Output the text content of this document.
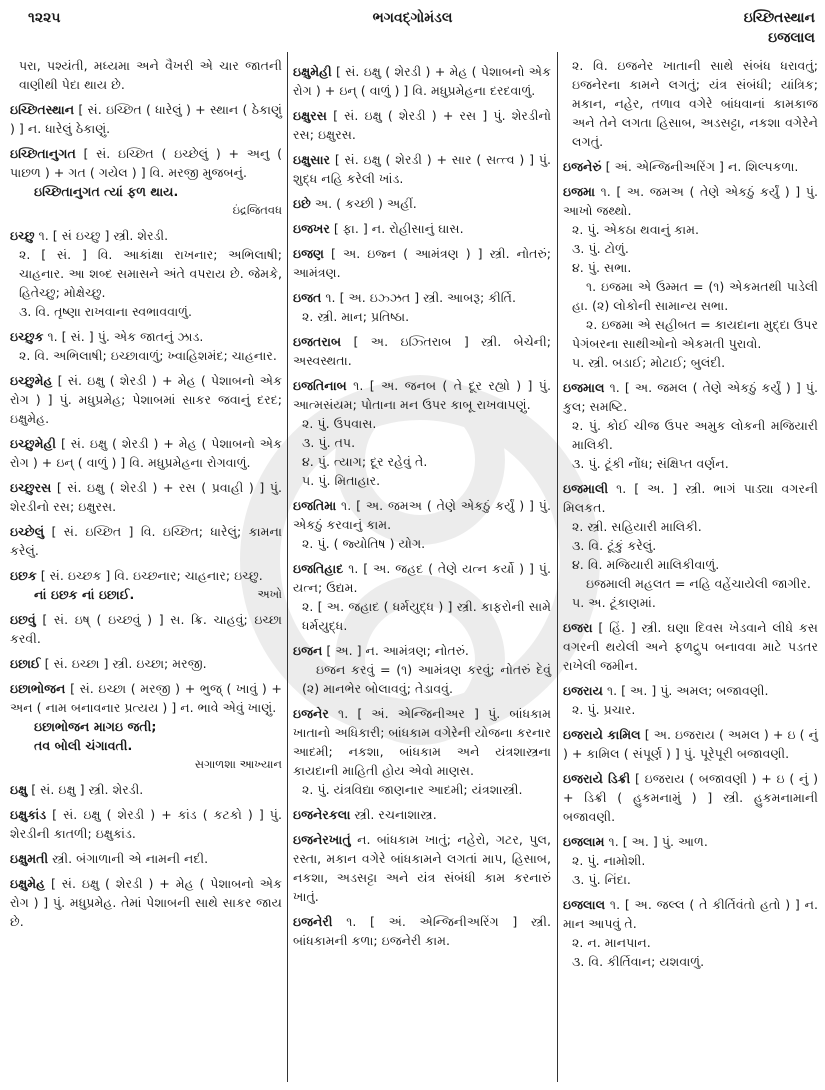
૧૨૨૫	ભગવદ્ગોમંડલ	ઇચ્છિતસ્થાન
ઇજલાલ
પરા, પશ્યંતી, મધ્યમા અને વૈખરી એ ચાર જાતની વાણીથી પેદા થાય છે.
ઇચ્છિતસ્થાન [ સં. ઇચ્છિત ( ધારેલું ) + સ્થાન ( ઠેકાણું ) ] ન. ધારેલું ઠેકાણું.
ઇચ્છિતાનુગત [ સં. ઇચ્છિત ( ઇચ્છેલું ) + અનુ ( પાછળ ) + ગત ( ગયેલ ) ] વિ. મરજી મુજબનું.
ઇચ્છિતાનુગત ત્યાં ફળ થાય.
ઇંદ્રજિતવધ
ઇચ્છુ ૧. [ સં ઇચ્છુ ] સ્ત્રી. શેરડી.
૨. [ સં. ] વિ. આકાંક્ષા રાખનાર; અભિલાષી; ચાહનાર. આ શબ્દ સમાસને અંતે વપરાય છે. જેમકે, હિતેચ્છુ; મોક્ષેચ્છુ.
૩. વિ. તૃષ્ણા રાખવાના સ્વભાવવાળું.
ઇચ્છુક ૧. [ સં. ] પું. એક જાતનું ઝાડ.
૨. વિ. અભિલાષી; ઇચ્છાવાળું; ખ્વાહિશમંદ; ચાહનાર.
ઇચ્છુમેહ [ સં. ઇક્ષુ ( શેરડી ) + મેહ ( પેશાબનો એક રોગ ) ] પું. મધુપ્રમેહ; પેશાબમાં સાકર જવાનું દરદ; ઇક્ષુમેહ.
ઇચ્છુમેહી [ સં. ઇક્ષુ ( શેરડી ) + મેહ ( પેશાબનો એક રોગ ) + ઇન્ ( વાળું ) ] વિ. મધુપ્રમેહના રોગવાળું.
ઇચ્છુરસ [ સં. ઇક્ષુ ( શેરડી ) + રસ ( પ્રવાહી ) ] પું. શેરડીનો રસ; ઇક્ષુરસ.
ઇચ્છેલું [ સં. ઇચ્છિત ] વિ. ઇચ્છિત; ધારેલું; કામના કરેલું.
ઇછક [ સં. ઇચ્છક ] વિ. ઇચ્છનાર; ચાહનાર; ઇચ્છુ.
અખો
નાં ઇછક નાં ઇછાઈ.
ઇછવું [ સં. ઇષ્ ( ઇચ્છવું ) ] સ. ક્રિ. ચાહવું; ઇચ્છા કરવી.
ઇછાઈ [ સં. ઇચ્છા ] સ્ત્રી. ઇચ્છા; મરજી.
ઇછાભોજન [ સં. ઇચ્છા ( મરજી ) + ભુજ્ ( ખાવું ) + અન ( નામ બનાવનાર પ્રત્યય ) ] ન. ભાવે એવું ખાણું.
ઇછાભોજન માગઇ જતી;
તવ બોલી ચંગાવતી.
સગાળશા આખ્યાન
ઇક્ષુ [ સં. ઇક્ષુ ] સ્ત્રી. શેરડી.
ઇક્ષુકાંડ [ સં. ઇક્ષુ ( શેરડી ) + કાંડ ( કટકો ) ] પું. શેરડીની કાતળી; ઇક્ષુકાંડ.
ઇક્ષુમતી સ્ત્રી. બંગાળાની એ નામની નદી.
ઇક્ષુમેહ [ સં. ઇક્ષુ ( શેરડી ) + મેહ ( પેશાબનો એક રોગ ) ] પું. મધુપ્રમેહ. તેમાં પેશાબની સાથે સાકર જાય છે.
ઇક્ષુમેહી [ સં. ઇક્ષુ ( શેરડી ) + મેહ ( પેશાબનો એક રોગ ) + ઇન્ ( વાળું ) ] વિ. મધુપ્રમેહના દરદવાળું.
ઇક્ષુરસ [ સં. ઇક્ષુ ( શેરડી ) + રસ ] પું. શેરડીનો રસ; ઇક્ષુરસ.
ઇક્ષુસાર [ સં. ઇક્ષુ ( શેરડી ) + સાર ( સત્ત્વ ) ] પું. શુદ્ધ નહિ કરેલી ખાંડ.
ઇછે અ. ( કચ્છી ) અહીં.
ઇજખર [ ફા. ] ન. રોહીસાનું ઘાસ.
ઇજણ [ અ. ઇજ્ન ( આમંત્રણ ) ] સ્ત્રી. નોતરું; આમંત્રણ.
ઇજત ૧. [ અ. ઇઝ્ઝત ] સ્ત્રી. આબરૂ; કીર્તિ.
૨. સ્ત્રી. માન; પ્રતિષ્ઠા.
ઇજતરાબ [ અ. ઇઝ્તિરાબ ] સ્ત્રી. બેચેની; અસ્વસ્થતા.
ઇજતિનાબ ૧. [ અ. જનબ ( તે દૂર રહ્યો ) ] પું. આત્મસંયમ; પોતાના મન ઉપર કાબૂ રાખવાપણું.
૨. પું. ઉપવાસ.
૩. પું. તપ.
૪. પું. ત્યાગ; દૂર રહેવું તે.
૫. પું. મિતાહાર.
ઇજતિમા ૧. [ અ. જમઅ ( તેણે એકઠું કર્યું ) ] પું. એકઠું કરવાનું કામ.
૨. પું. ( જ્યોતિષ ) યોગ.
ઇજતિહાદ ૧. [ અ. જહદ ( તેણે યત્ન કર્યો ) ] પું. યત્ન; ઉદ્યમ.
૨. [ અ. જહાદ ( ધર્મયુદ્ધ ) ] સ્ત્રી. કાફરોની સામે ધર્મયુદ્ધ.
ઇજન [ અ. ] ન. આમંત્રણ; નોતરું.
ઇજન કરવું = (૧) આમંત્રણ કરવું; નોતરું દેવું (૨) માનભેર બોલાવવું; તેડાવવું.
ઇજનેર ૧. [ અં. એન્જિનીઅર ] પું. બાંધકામ ખાતાનો અધિકારી; બાંધકામ વગેરેની યોજના કરનાર આદમી; નકશા, બાંધકામ અને યંત્રશાસ્ત્રના કાયદાની માહિતી હોય એવો માણસ.
૨. પું. યંત્રવિદ્યા જાણનાર આદમી; યંત્રશાસ્ત્રી.
ઇજનેરકલા સ્ત્રી. રચનાશાસ્ત્ર.
ઇજનેરખાતું ન. બાંધકામ ખાતું; નહેરો, ગટર, પુલ, રસ્તા, મકાન વગેરે બાંધકામને લગતાં માપ, હિસાબ, નકશા, અડસટ્ટા અને યંત્ર સંબંધી કામ કરનારું ખાતું.
ઇજનેરી ૧. [ અં. એન્જિનીઅરિંગ ] સ્ત્રી. બાંધકામની કળા; ઇજનેરી કામ.
૨. વિ. ઇજનેર ખાતાની સાથે સંબંધ ધરાવતું; ઇજનેરના કામને લગતું; યંત્ર સંબંધી; યાંત્રિક; મકાન, નહેર, તળાવ વગેરે બાંધવાનાં કામકાજ અને તેને લગતા હિસાબ, અડસટ્ટા, નકશા વગેરેને લગતું.
ઇજનેરું [ અં. એન્જિનીઅરિંગ ] ન. શિલ્પકળા.
ઇજમા ૧. [ અ. જમઅ ( તેણે એકઠું કર્યું ) ] પું. આખો જથ્થો.
૨. પું. એકઠા થવાનું કામ.
૩. પું. ટોળું.
૪. પું. સભા.
૧. ઇજમા એ ઉમ્મત = (૧) એકમતથી પાડેલી હા. (૨) લોકોની સામાન્ય સભા.
૨. ઇજમા એ સહીબત = કાયદાના મુદ્દા ઉપર પેગંબરના સાથીઓનો એકમતી પુરાવો.
૫. સ્ત્રી. બડાઈ; મોટાઈ; બુલંદી.
ઇજમાલ ૧. [ અ. જમલ ( તેણે એકઠું કર્યું ) ] પું. કુલ; સમષ્ટિ.
૨. પું. કોઈ ચીજ ઉપર અમુક લોકની મજિયારી માલિકી.
૩. પું. ટૂંકી નોંધ; સંક્ષિપ્ત વર્ણન.
ઇજમાલી ૧. [ અ. ] સ્ત્રી. ભાગં પાડ્યા વગરની મિલકત.
૨. સ્ત્રી. સહિયારી માલિકી.
૩. વિ. ટૂંકું કરેલું.
૪. વિ. મજિયારી માલિકીવાળું.
ઇજમાલી મહલત = નહિ વહેંચાયેલી જાગીર.
૫. અ. ટૂંકાણમાં.
ઇજરા [ હિં. ] સ્ત્રી. ઘણા દિવસ ખેડવાને લીધે કસ વગરની થયેલી અને ફળદ્રુપ બનાવવા માટે પડતર રાખેલી જમીન.
ઇજરાય ૧. [ અ. ] પું. અમલ; બજાવણી.
૨. પું. પ્રચાર.
ઇજરાયે કામિલ [ અ. ઇજરાય ( અમલ ) + ઇ ( નું ) + કામિલ ( સંપૂર્ણ ) ] પું. પૂરેપૂરી બજાવણી.
ઇજરાયે ડિક્રી [ ઇજરાય ( બજાવણી ) + ઇ ( નું ) + ડિક્રી ( હુકમનામું ) ] સ્ત્રી. હુકમનામાની બજાવણી.
ઇજલામ ૧. [ અ. ] પું. આળ.
૨. પું. નામોશી.
૩. પું. નિંદા.
ઇજલાલ ૧. [ અ. જલ્લ ( તે કીર્તિવંતો હતો ) ] ન. માન આપવું તે.
૨. ન. માનપાન.
૩. વિ. કીર્તિવાન; યશવાળું.
